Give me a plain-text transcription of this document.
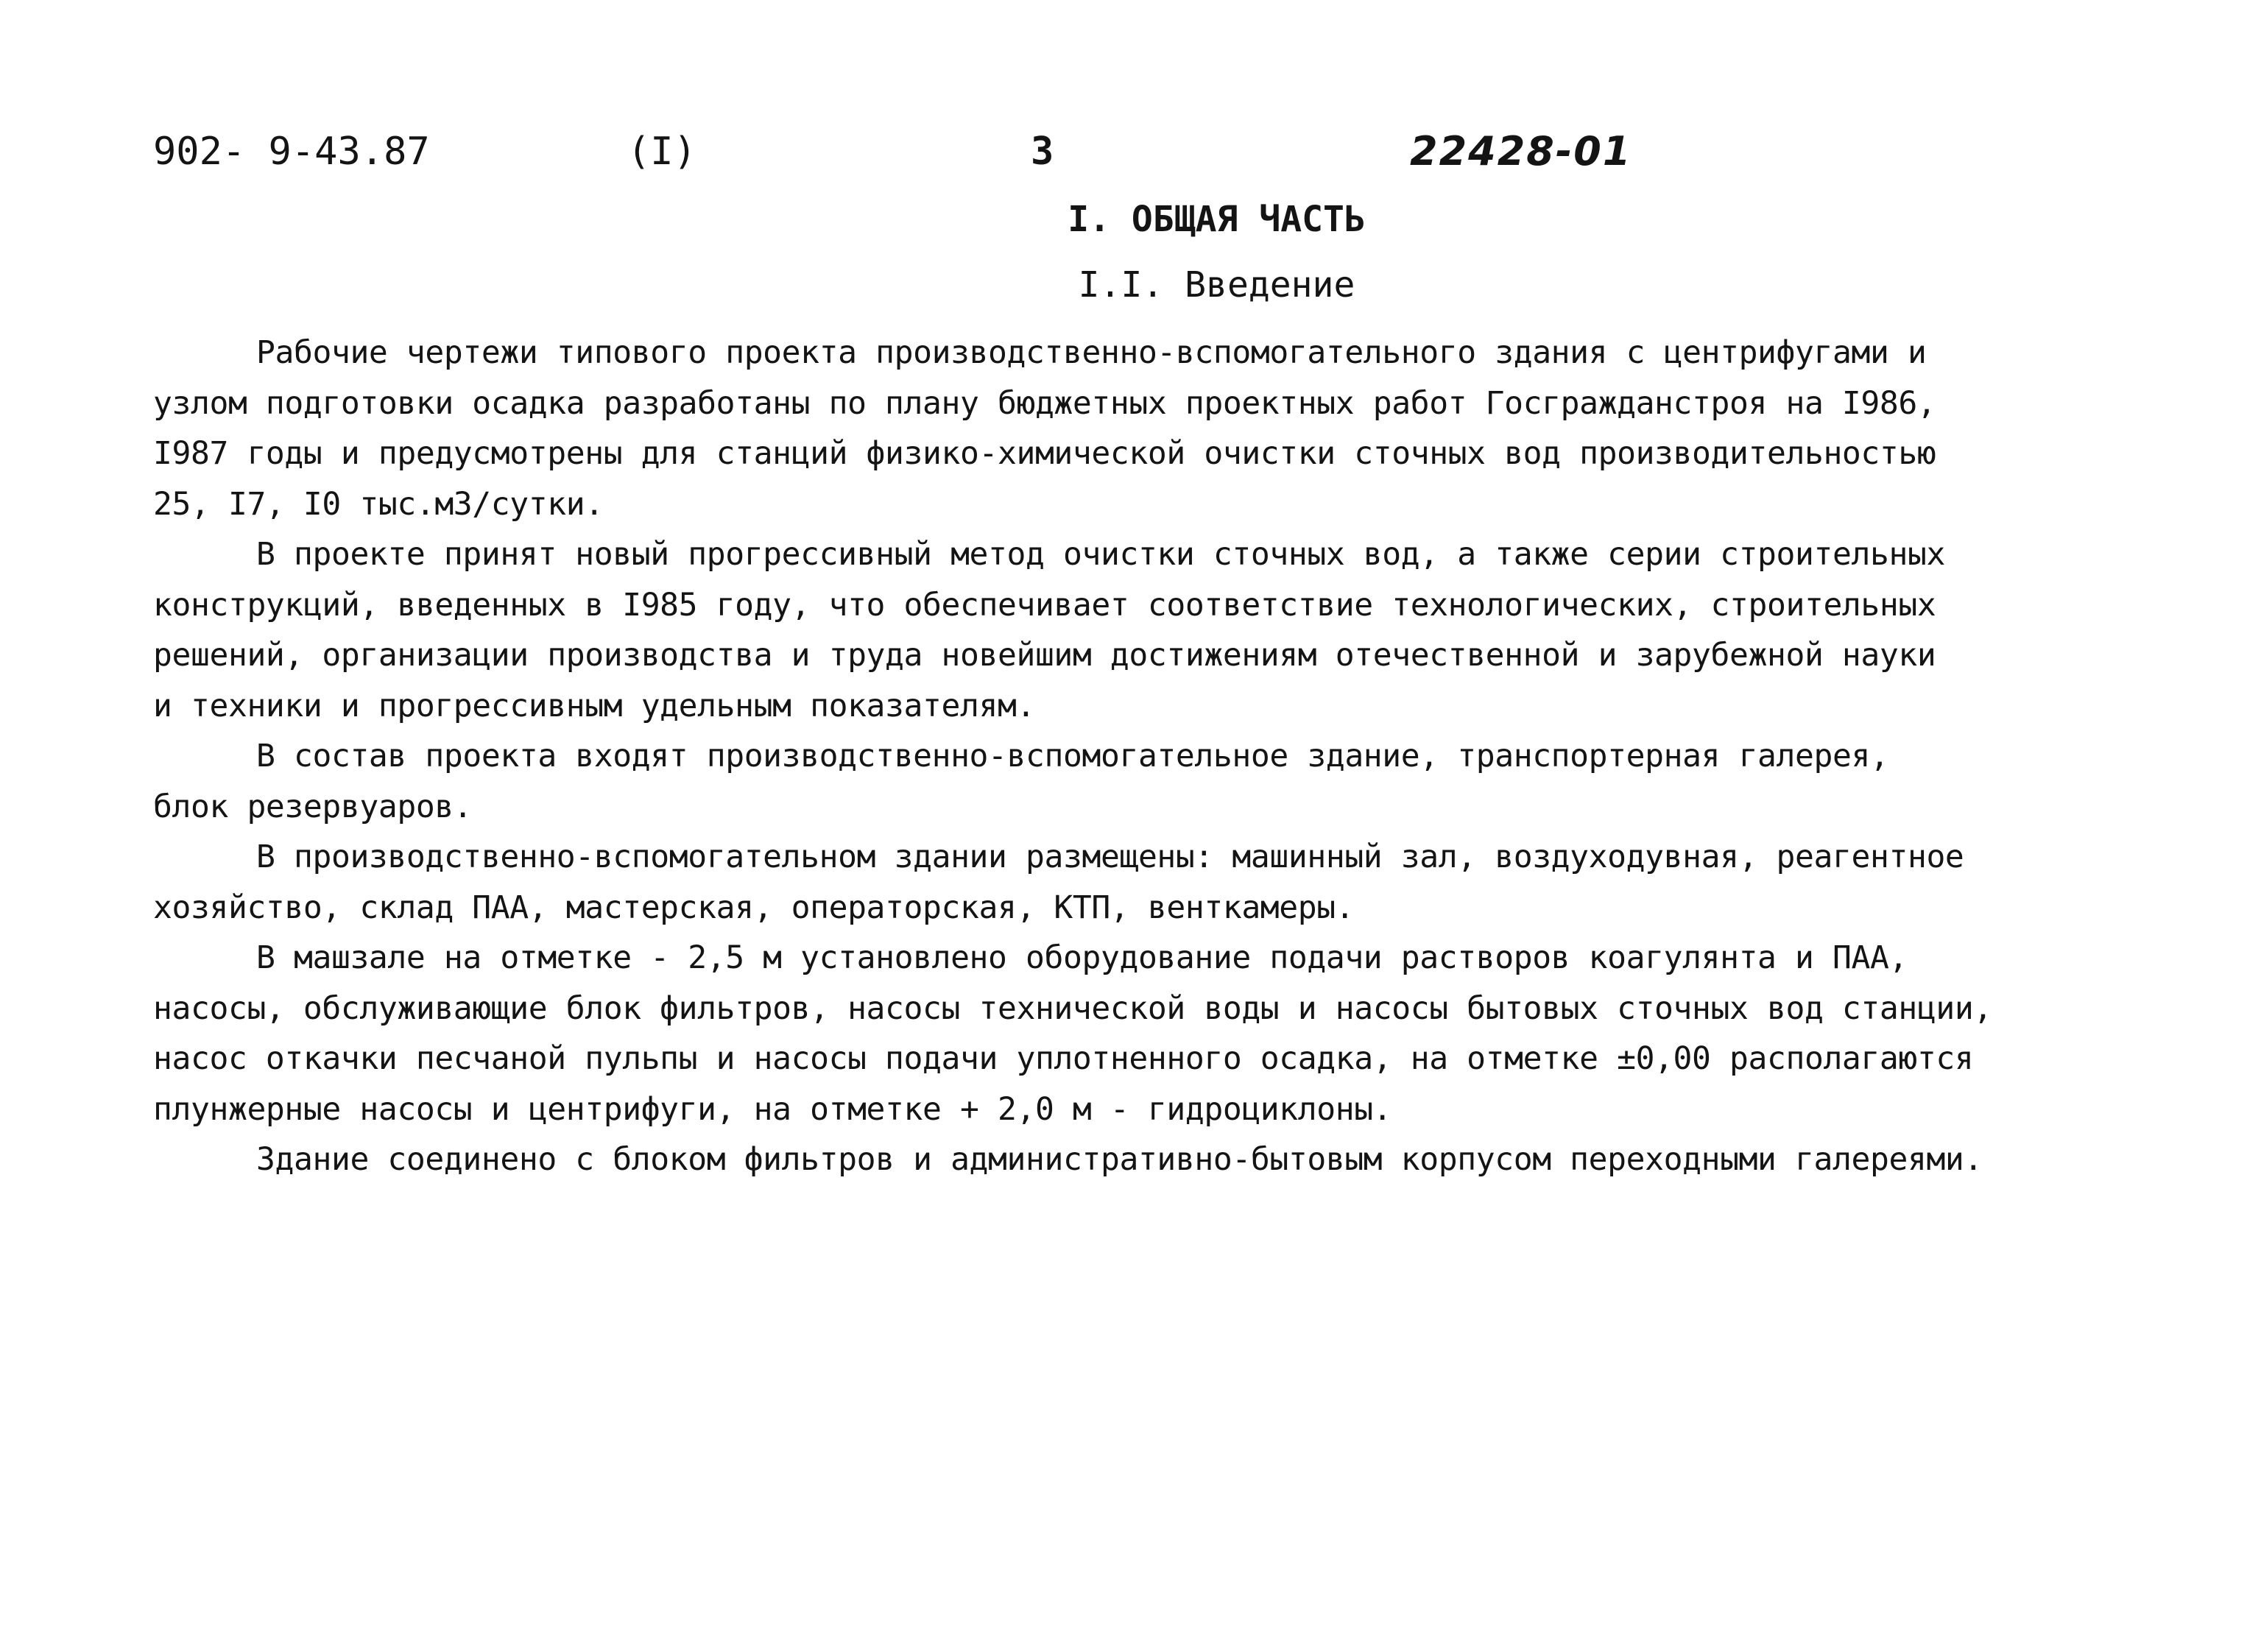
902- 9-43.87	(I)	3	22428-01
I. ОБЩАЯ ЧАСТЬ
I.I. Введение
Рабочие чертежи типового проекта производственно-вспомогательного здания с центрифугами и
узлом подготовки осадка разработаны по плану бюджетных проектных работ Госгражданстроя на I986,
I987 годы и предусмотрены для станций физико-химической очистки сточных вод производительностью
25, I7, I0 тыс.м3/сутки.
В проекте принят новый прогрессивный метод очистки сточных вод, а также серии строительных
конструкций, введенных в I985 году, что обеспечивает соответствие технологических, строительных
решений, организации производства и труда новейшим достижениям отечественной и зарубежной науки
и техники и прогрессивным удельным показателям.
В состав проекта входят производственно-вспомогательное здание, транспортерная галерея,
блок резервуаров.
В производственно-вспомогательном здании размещены: машинный зал, воздуходувная, реагентное
хозяйство, склад ПАА, мастерская, операторская, КТП, венткамеры.
В машзале на отметке - 2,5 м установлено оборудование подачи растворов коагулянта и ПАА,
насосы, обслуживающие блок фильтров, насосы технической воды и насосы бытовых сточных вод станции,
насос откачки песчаной пульпы и насосы подачи уплотненного осадка, на отметке ±0,00 располагаются
плунжерные насосы и центрифуги, на отметке + 2,0 м - гидроциклоны.
Здание соединено с блоком фильтров и административно-бытовым корпусом переходными галереями.
